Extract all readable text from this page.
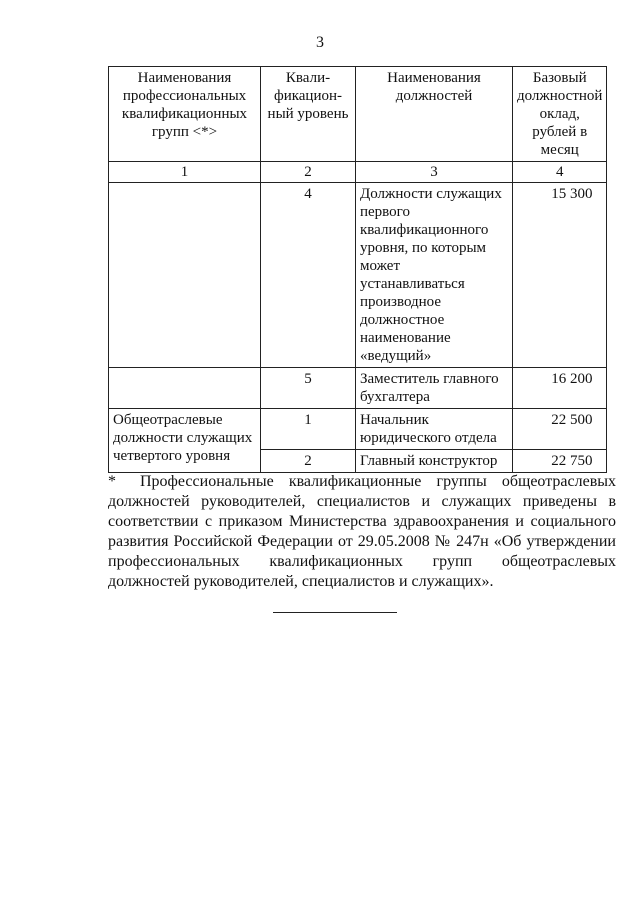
3
Наименования профессиональных квалификационных групп <*>	Квали-фикацион-ный уровень	Наименования должностей	Базовый должностной оклад, рублей в месяц
1	2	3	4
	4	Должности служащих первого квалификационного уровня, по которым может устанавливаться производное должностное наименование «ведущий»	15 300
	5	Заместитель главного бухгалтера	16 200
Общеотраслевые должности служащих четвертого уровня	1	Начальник юридического отдела	22 500
	2	Главный конструктор	22 750
* Профессиональные квалификационные группы общеотраслевых должностей руководителей, специалистов и служащих приведены в соответствии с приказом Министерства здравоохранения и социального развития Российской Федерации от 29.05.2008 № 247н «Об утверждении профессиональных квалификационных групп общеотраслевых должностей руководителей, специалистов и служащих».
